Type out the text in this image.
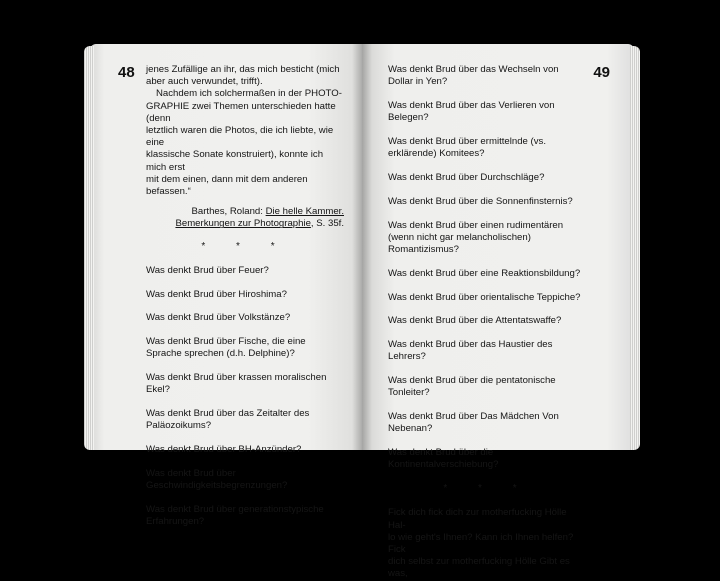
48 jenes Zufällige an ihr, das mich besticht (mich
aber auch verwundet, trifft).
Nachdem ich solchermaßen in der PHOTO-
GRAPHIE zwei Themen unterschieden hatte (denn
letztlich waren die Photos, die ich liebte, wie eine
klassische Sonate konstruiert), konnte ich mich erst
mit dem einen, dann mit dem anderen befassen.“
Barthes, Roland: Die helle Kammer.
Bemerkungen zur Photographie, S. 35f.
* * *
Was denkt Brud über Feuer?
Was denkt Brud über Hiroshima?
Was denkt Brud über Volkstänze?
Was denkt Brud über Fische, die eine Sprache sprechen (d.h. Delphine)?
Was denkt Brud über krassen moralischen Ekel?
Was denkt Brud über das Zeitalter des Paläozoikums?
Was denkt Brud über BH-Anzünder?
Was denkt Brud über Geschwindigkeitsbegrenzungen?
Was denkt Brud über generationstypische Erfahrungen?
49
Was denkt Brud über das Wechseln von Dollar in Yen?
Was denkt Brud über das Verlieren von Belegen?
Was denkt Brud über ermittelnde (vs. erklärende) Komitees?
Was denkt Brud über Durchschläge?
Was denkt Brud über die Sonnenfinsternis?
Was denkt Brud über einen rudimentären (wenn nicht gar melancholischen) Romantizismus?
Was denkt Brud über eine Reaktionsbildung?
Was denkt Brud über orientalische Teppiche?
Was denkt Brud über die Attentatswaffe?
Was denkt Brud über das Haustier des Lehrers?
Was denkt Brud über die pentatonische Tonleiter?
Was denkt Brud über Das Mädchen Von Nebenan?
Was denkt Brud über die Kontinentalverschiebung?
* * *
Fick dich fick dich zur motherfucking Hölle Hal-
lo wie geht's Ihnen? Kann ich Ihnen helfen? Fick
dich selbst zur motherfucking Hölle Gibt es was,
